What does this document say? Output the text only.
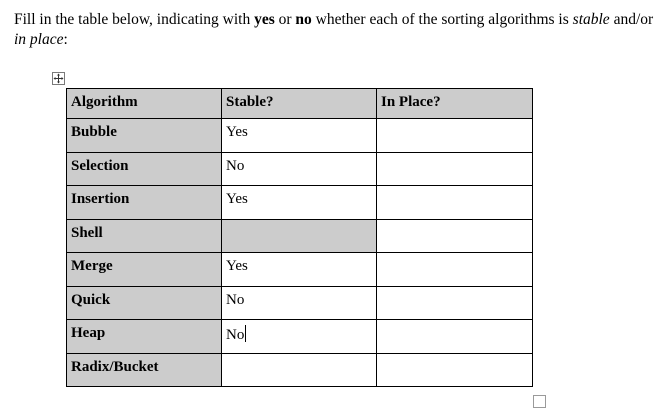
Fill in the table below, indicating with yes or no whether each of the sorting algorithms is stable and/or in place:

Algorithm	Stable?	In Place?
Bubble	Yes	
Selection	No	
Insertion	Yes	
Shell		
Merge	Yes	
Quick	No	
Heap	No	
Radix/Bucket		
